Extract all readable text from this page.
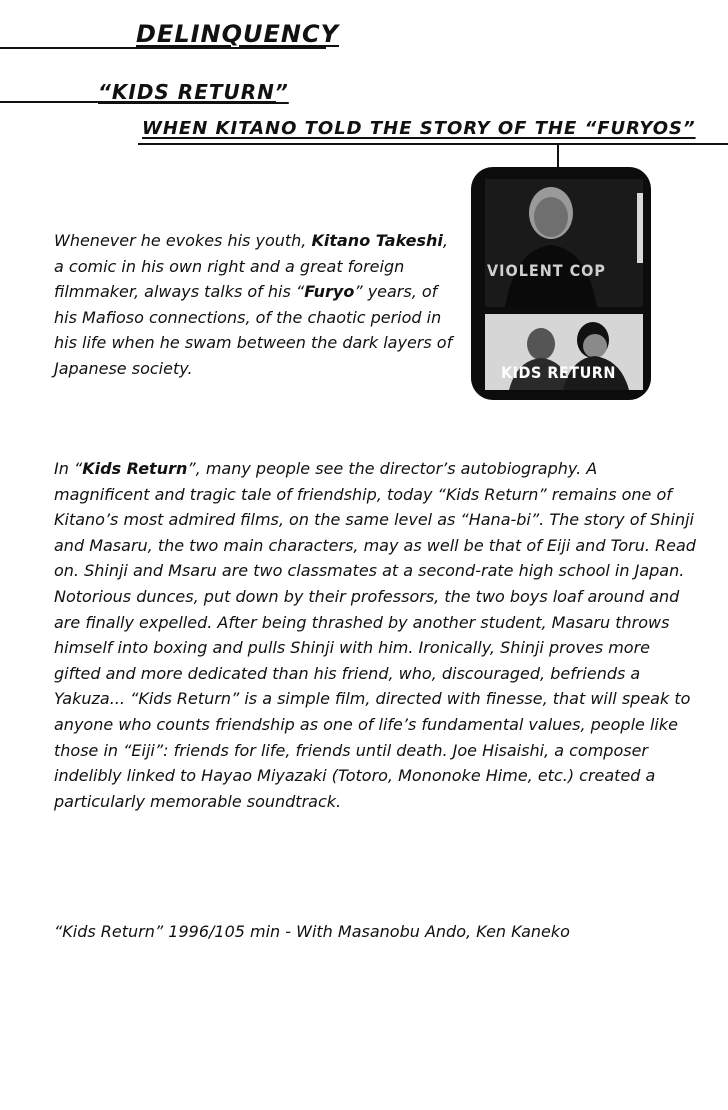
DELINQUENCY
“KIDS RETURN”
WHEN KITANO TOLD THE STORY OF THE “FURYOS”
VIOLENT COP
KIDS RETURN

Whenever he evokes his youth, Kitano Takeshi, a comic in his own right and a great foreign filmmaker, always talks of his “Furyo” years, of his Mafioso connections, of the chaotic period in his life when he swam between the dark layers of Japanese society.

In “Kids Return”, many people see the director’s autobiography. A magnificent and tragic tale of friendship, today “Kids Return” remains one of Kitano’s most admired films, on the same level as “Hana-bi”. The story of Shinji and Masaru, the two main characters, may as well be that of Eiji and Toru. Read on. Shinji and Msaru are two classmates at a second-rate high school in Japan. Notorious dunces, put down by their professors, the two boys loaf around and are finally expelled. After being thrashed by another student, Masaru throws himself into boxing and pulls Shinji with him. Ironically, Shinji proves more gifted and more dedicated than his friend, who, discouraged, befriends a Yakuza... “Kids Return” is a simple film, directed with finesse, that will speak to anyone who counts friendship as one of life’s fundamental values, people like those in “Eiji”: friends for life, friends until death. Joe Hisaishi, a composer indelibly linked to Hayao Miyazaki (Totoro, Mononoke Hime, etc.) created a particularly memorable soundtrack.

“Kids Return” 1996/105 min - With Masanobu Ando, Ken Kaneko
